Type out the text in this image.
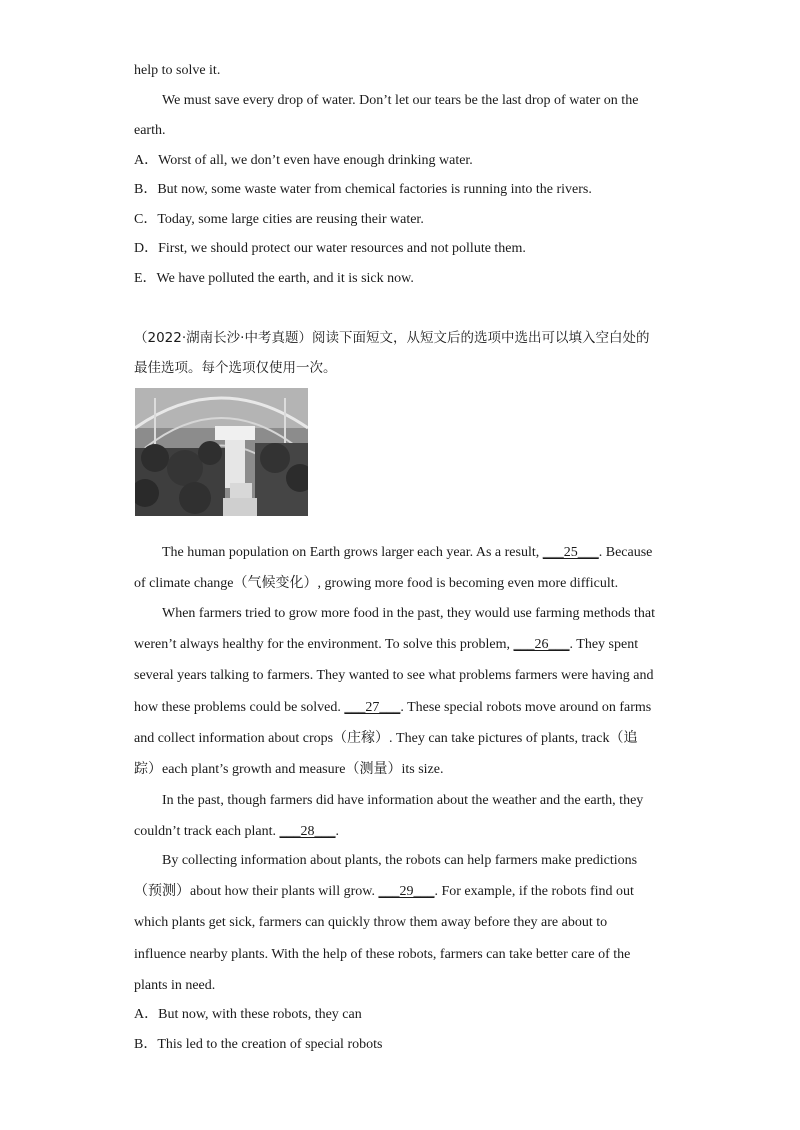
help to solve it.
We must save every drop of water. Don’t let our tears be the last drop of water on the
earth.
A．Worst of all, we don’t even have enough drinking water.
B．But now, some waste water from chemical factories is running into the rivers.
C．Today, some large cities are reusing their water.
D．First, we should protect our water resources and not pollute them.
E．We have polluted the earth, and it is sick now.
（2022·湖南长沙·中考真题）阅读下面短文，从短文后的选项中选出可以填入空白处的
最佳选项。每个选项仅使用一次。
The human population on Earth grows larger each year. As a result, ___25___. Because
of climate change（气候变化）, growing more food is becoming even more difficult.
When farmers tried to grow more food in the past, they would use farming methods that
weren’t always healthy for the environment. To solve this problem, ___26___. They spent
several years talking to farmers. They wanted to see what problems farmers were having and
how these problems could be solved. ___27___. These special robots move around on farms
and collect information about crops（庄稼）. They can take pictures of plants, track（追
踪）each plant’s growth and measure（测量）its size.
In the past, though farmers did have information about the weather and the earth, they
couldn’t track each plant. ___28___.
By collecting information about plants, the robots can help farmers make predictions
（预测）about how their plants will grow. ___29___. For example, if the robots find out
which plants get sick, farmers can quickly throw them away before they are about to
influence nearby plants. With the help of these robots, farmers can take better care of the
plants in need.
A．But now, with these robots, they can
B．This led to the creation of special robots
